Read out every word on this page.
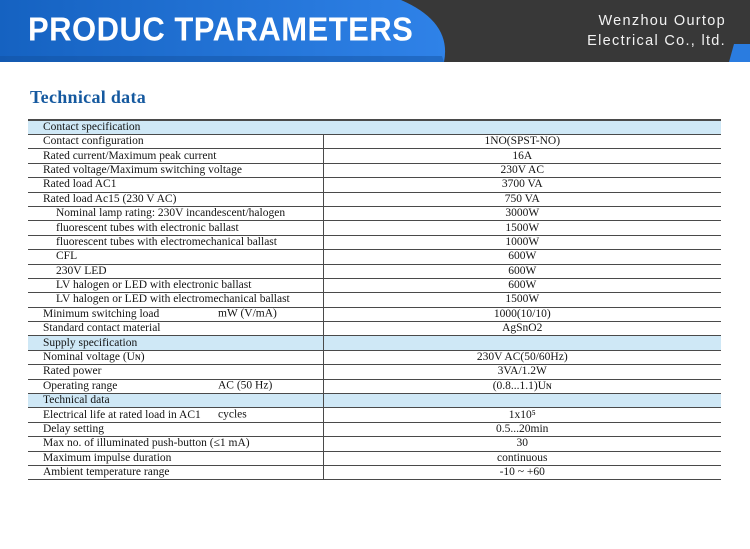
PRODUC TPARAMETERS	Wenzhou Ourtop
Electrical Co., ltd.
Technical data
Contact specification	
Contact configuration	1NO(SPST-NO)
Rated current/Maximum peak current	16A
Rated voltage/Maximum switching voltage	230V AC
Rated load AC1	3700 VA
Rated load Ac15 (230 V AC)	750 VA
Nominal lamp rating: 230V incandescent/halogen	3000W
fluorescent tubes with electronic ballast	1500W
fluorescent tubes with electromechanical ballast	1000W
CFL	600W
230V LED	600W
LV halogen or LED with electronic ballast	600W
LV halogen or LED with electromechanical ballast	1500W
Minimum switching load mW (V/mA)	1000(10/10)
Standard contact material	AgSnO2
Supply specification	
Nominal voltage (Uɴ)	230V AC(50/60Hz)
Rated power	3VA/1.2W
Operating range AC (50 Hz)	(0.8...1.1)Uɴ
Technical data	
Electrical life at rated load in AC1 cycles	1x10⁵
Delay setting	0.5...20min
Max no. of illuminated push-button (≤1 mA)	30
Maximum impulse duration	continuous
Ambient temperature range	-10 ~ +60
